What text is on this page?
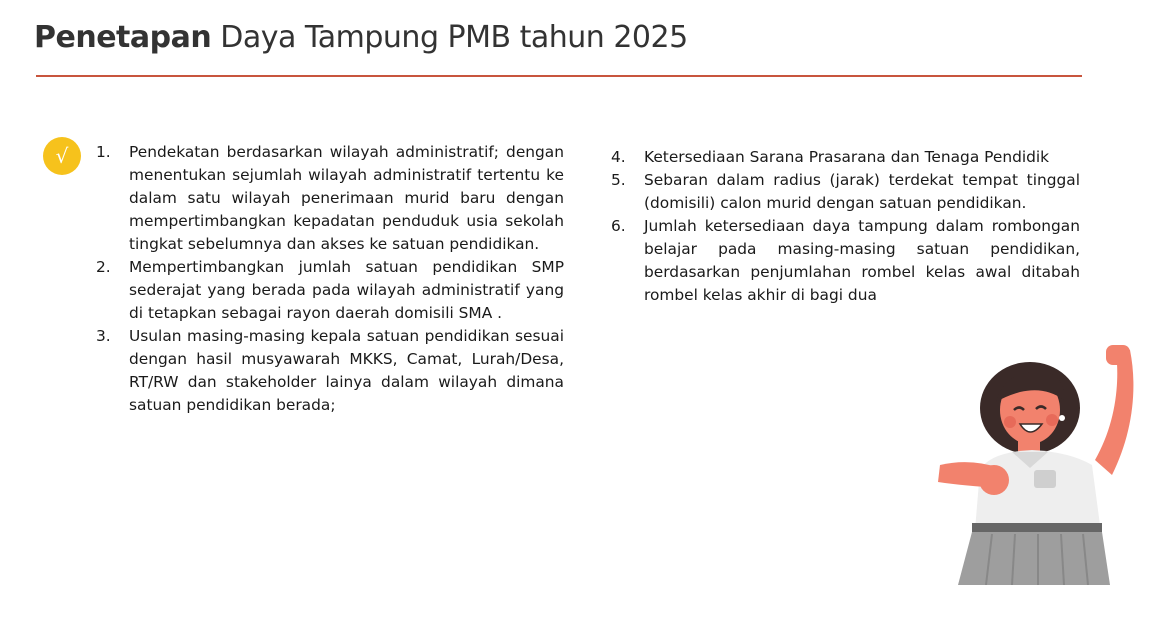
Penetapan Daya Tampung PMB tahun 2025
√ 1.	Pendekatan berdasarkan wilayah administratif; dengan menentukan sejumlah wilayah administratif tertentu ke dalam satu wilayah penerimaan murid baru dengan mempertimbangkan kepadatan penduduk usia sekolah tingkat sebelumnya dan akses ke satuan pendidikan.
2.	Mempertimbangkan jumlah satuan pendidikan SMP sederajat yang berada pada wilayah administratif yang di tetapkan sebagai rayon daerah domisili SMA .
3.	Usulan masing-masing kepala satuan pendidikan sesuai dengan hasil musyawarah MKKS, Camat, Lurah/Desa, RT/RW dan stakeholder lainya dalam wilayah dimana satuan pendidikan berada;
4.	Ketersediaan Sarana Prasarana dan Tenaga Pendidik
5.	Sebaran dalam radius (jarak) terdekat tempat tinggal (domisili) calon murid dengan satuan pendidikan.
6.	Jumlah ketersediaan daya tampung dalam rombongan belajar pada masing-masing satuan pendidikan, berdasarkan penjumlahan rombel kelas awal ditabah rombel kelas akhir di bagi dua
